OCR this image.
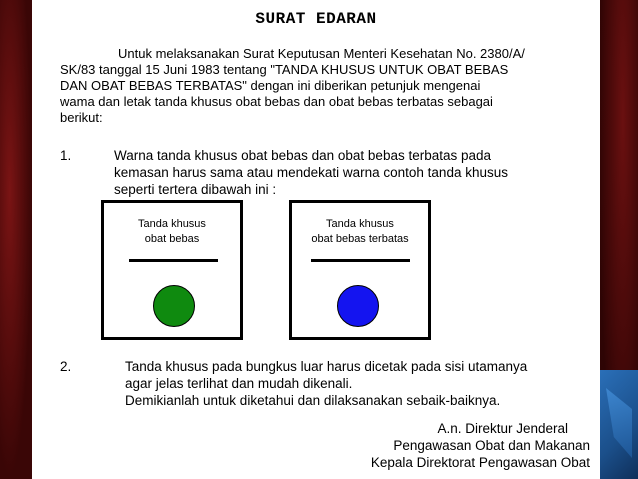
SURAT EDARAN

Untuk melaksanakan Surat Keputusan Menteri Kesehatan No. 2380/A/
SK/83 tanggal 15 Juni 1983 tentang "TANDA KHUSUS UNTUK OBAT BEBAS
DAN OBAT BEBAS TERBATAS" dengan ini diberikan petunjuk mengenai
wama dan letak tanda khusus obat bebas dan obat bebas terbatas sebagai
berikut:

1.	Warna tanda khusus obat bebas dan obat bebas terbatas pada
kemasan harus sama atau mendekati warna contoh tanda khusus
seperti tertera dibawah ini :

Tanda khusus
obat bebas
Tanda khusus
obat bebas terbatas
2.	Tanda khusus pada bungkus luar harus dicetak pada sisi utamanya
agar jelas terlihat dan mudah dikenali.
Demikianlah untuk diketahui dan dilaksanakan sebaik-baiknya.

A.n. Direktur Jenderal
Pengawasan Obat dan Makanan
Kepala Direktorat Pengawasan Obat
